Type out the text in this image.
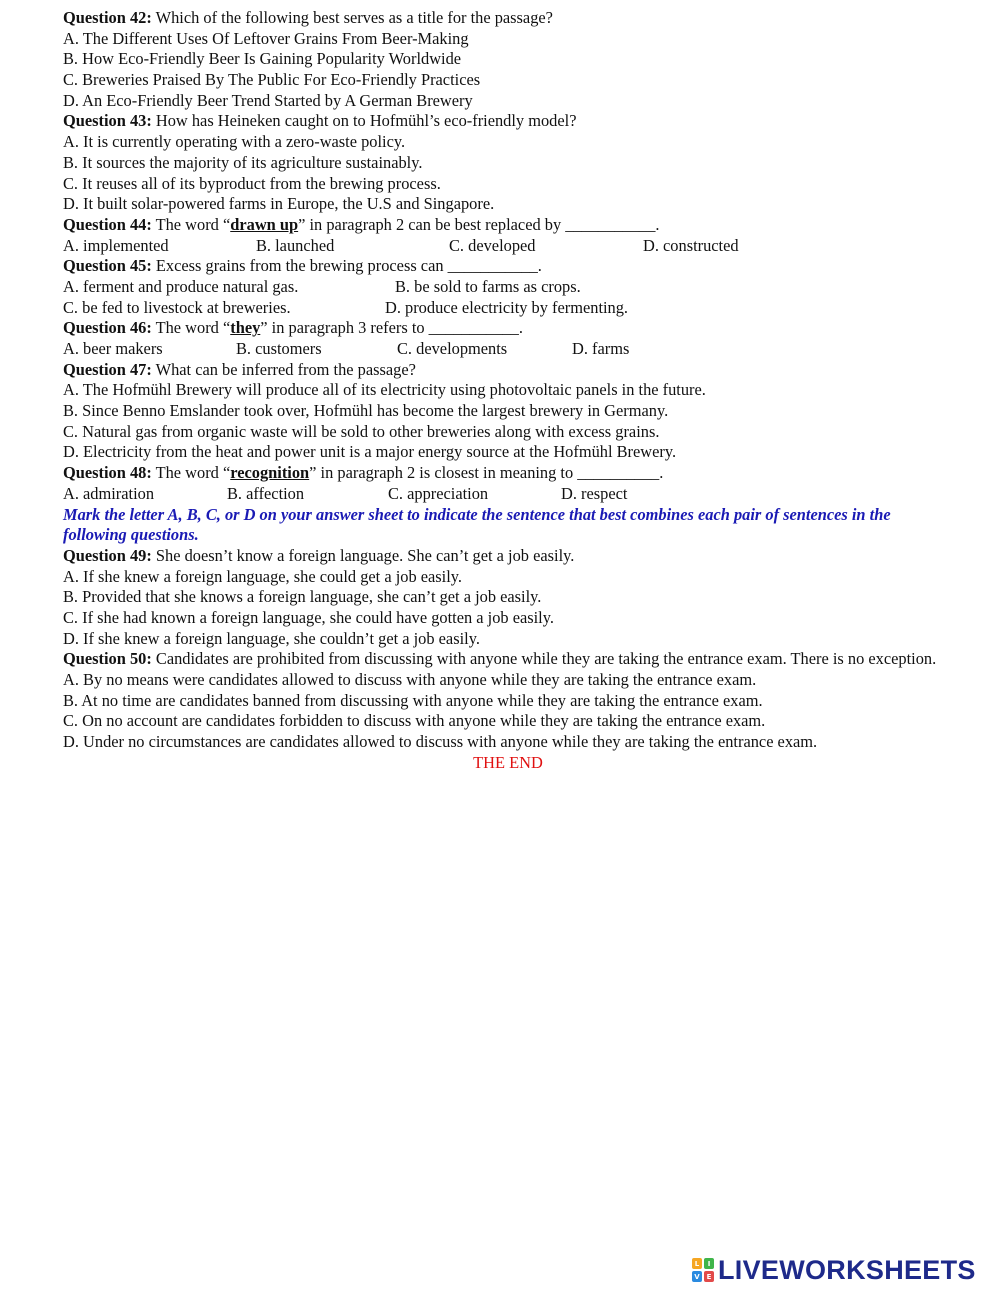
Question 42: Which of the following best serves as a title for the passage?
A. The Different Uses Of Leftover Grains From Beer-Making
B. How Eco-Friendly Beer Is Gaining Popularity Worldwide
C. Breweries Praised By The Public For Eco-Friendly Practices
D. An Eco-Friendly Beer Trend Started by A German Brewery
Question 43: How has Heineken caught on to Hofmühl’s eco-friendly model?
A. It is currently operating with a zero-waste policy.
B. It sources the majority of its agriculture sustainably.
C. It reuses all of its byproduct from the brewing process.
D. It built solar-powered farms in Europe, the U.S and Singapore.
Question 44: The word “drawn up” in paragraph 2 can be best replaced by ___________.
A. implemented	B. launched	C. developed	D. constructed
Question 45: Excess grains from the brewing process can ___________.
A. ferment and produce natural gas.	B. be sold to farms as crops.
C. be fed to livestock at breweries.	D. produce electricity by fermenting.
Question 46: The word “they” in paragraph 3 refers to ___________.
A. beer makers	B. customers	C. developments	D. farms
Question 47: What can be inferred from the passage?
A. The Hofmühl Brewery will produce all of its electricity using photovoltaic panels in the future.
B. Since Benno Emslander took over, Hofmühl has become the largest brewery in Germany.
C. Natural gas from organic waste will be sold to other breweries along with excess grains.
D. Electricity from the heat and power unit is a major energy source at the Hofmühl Brewery.
Question 48: The word “recognition” in paragraph 2 is closest in meaning to __________.
A. admiration	B. affection	C. appreciation	D. respect
Mark the letter A, B, C, or D on your answer sheet to indicate the sentence that best combines each pair of sentences in the following questions.
Question 49: She doesn’t know a foreign language. She can’t get a job easily.
A. If she knew a foreign language, she could get a job easily.
B. Provided that she knows a foreign language, she can’t get a job easily.
C. If she had known a foreign language, she could have gotten a job easily.
D. If she knew a foreign language, she couldn’t get a job easily.
Question 50: Candidates are prohibited from discussing with anyone while they are taking the entrance exam. There is no exception.
A. By no means were candidates allowed to discuss with anyone while they are taking the entrance exam.
B. At no time are candidates banned from discussing with anyone while they are taking the entrance exam.
C. On no account are candidates forbidden to discuss with anyone while they are taking the entrance exam.
D. Under no circumstances are candidates allowed to discuss with anyone while they are taking the entrance exam.
THE END
L	I
V E LIVEWORKSHEETS
